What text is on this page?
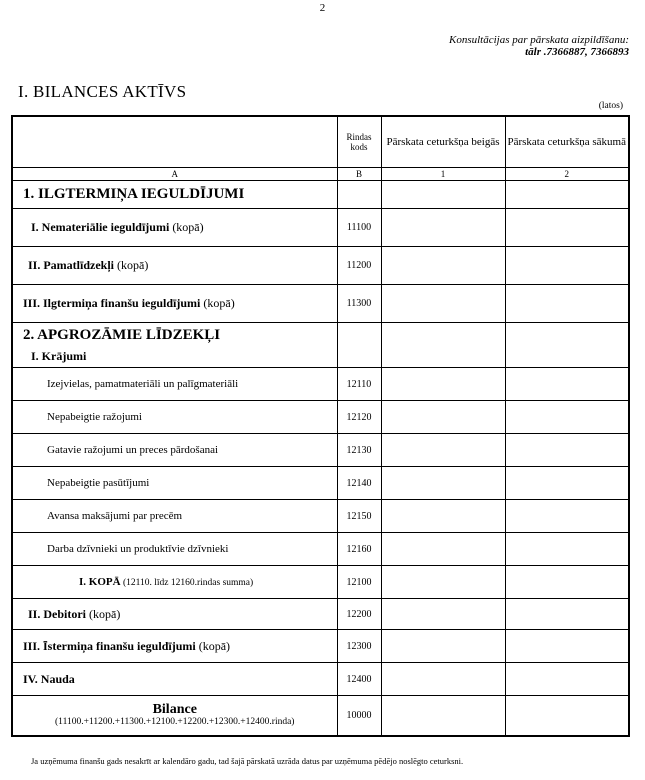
2
Konsultācijas par pārskata aizpildīšanu:
tālr .7366887, 7366893
I. BILANCES AKTĪVS
(latos)
	Rindas kods	Pārskata ceturkšņa beigās	Pārskata ceturkšņa sākumā
A	B	1	2
1. ILGTERMIŅA IEGULDĪJUMI			
I. Nemateriālie ieguldījumi (kopā)	11100		
II. Pamatlīdzekļi (kopā)	11200		
III. Ilgtermiņa finanšu ieguldījumi (kopā)	11300		

2. APGROZĀMIE LĪDZEKĻI
I. Krājumi			

Izejvielas, pamatmateriāli un palīgmateriāli	12110		
Nepabeigtie ražojumi	12120		
Gatavie ražojumi un preces pārdošanai	12130		
Nepabeigtie pasūtījumi	12140		
Avansa maksājumi par precēm	12150		
Darba dzīvnieki un produktīvie dzīvnieki	12160		
I. KOPĀ (12110. līdz 12160.rindas summa)	12100		
II. Debitori (kopā)	12200		
III. Īstermiņa finanšu ieguldījumi (kopā)	12300		
IV. Nauda	12400		

Bilance
(11100.+11200.+11300.+12100.+12200.+12300.+12400.rinda)	10000		
Ja uzņēmuma finanšu gads nesakrīt ar kalendāro gadu, tad šajā pārskatā uzrāda datus par uzņēmuma pēdējo noslēgto ceturksni.
